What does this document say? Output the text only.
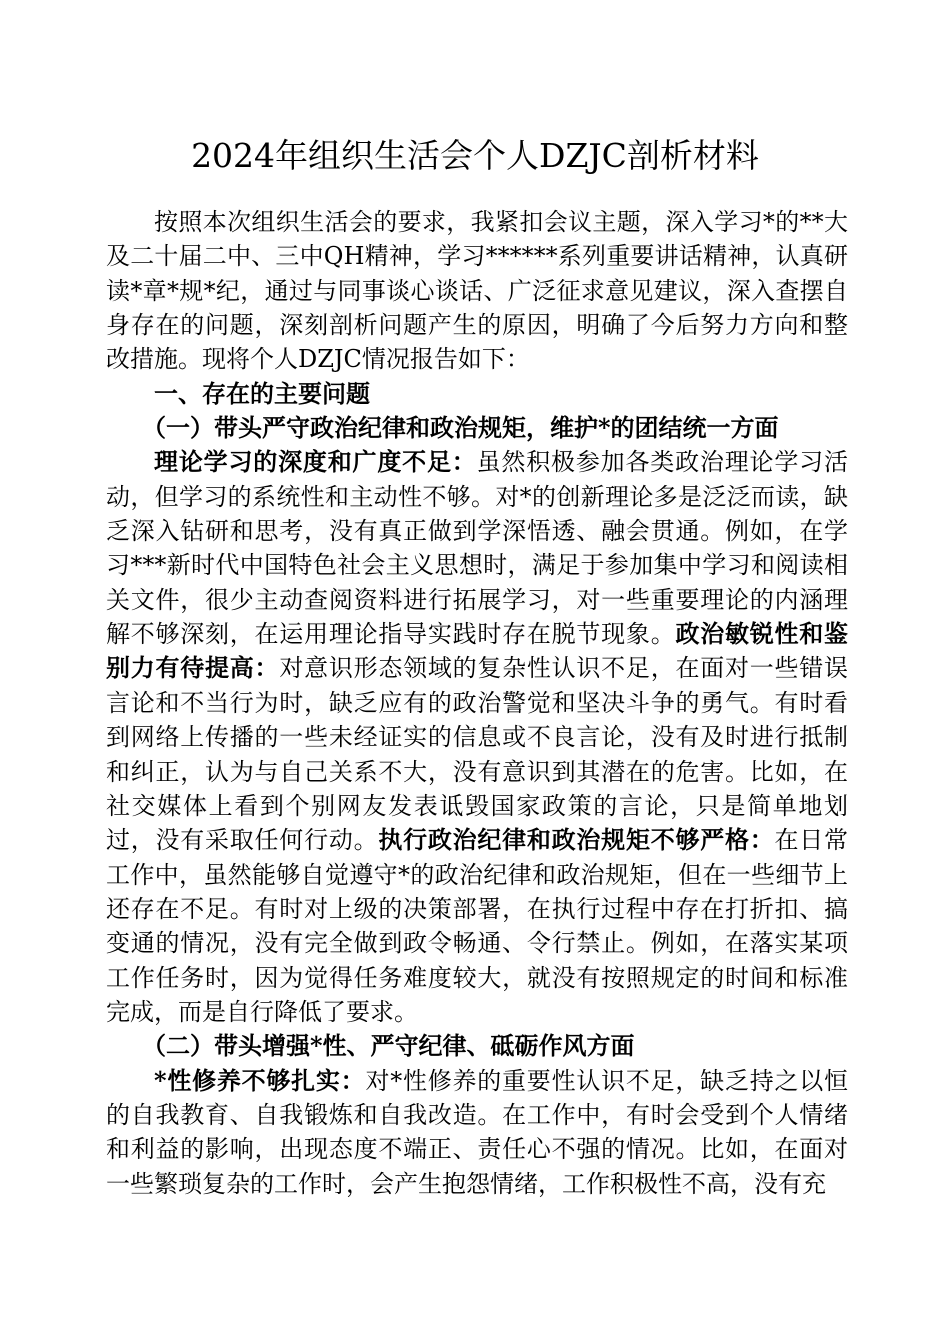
2024年组织生活会个人DZJC剖析材料

按照本次组织生活会的要求，我紧扣会议主题，深入学习*的**大及二十届二中、三中QH精神，学习******系列重要讲话精神，认真研读*章*规*纪，通过与同事谈心谈话、广泛征求意见建议，深入查摆自身存在的问题，深刻剖析问题产生的原因，明确了今后努力方向和整改措施。现将个人DZJC情况报告如下：

一、存在的主要问题

（一）带头严守政治纪律和政治规矩，维护*的团结统一方面

理论学习的深度和广度不足：虽然积极参加各类政治理论学习活动，但学习的系统性和主动性不够。对*的创新理论多是泛泛而读，缺乏深入钻研和思考，没有真正做到学深悟透、融会贯通。例如，在学习***新时代中国特色社会主义思想时，满足于参加集中学习和阅读相关文件，很少主动查阅资料进行拓展学习，对一些重要理论的内涵理解不够深刻，在运用理论指导实践时存在脱节现象。政治敏锐性和鉴别力有待提高：对意识形态领域的复杂性认识不足，在面对一些错误言论和不当行为时，缺乏应有的政治警觉和坚决斗争的勇气。有时看到网络上传播的一些未经证实的信息或不良言论，没有及时进行抵制和纠正，认为与自己关系不大，没有意识到其潜在的危害。比如，在社交媒体上看到个别网友发表诋毁国家政策的言论，只是简单地划过，没有采取任何行动。执行政治纪律和政治规矩不够严格：在日常工作中，虽然能够自觉遵守*的政治纪律和政治规矩，但在一些细节上还存在不足。有时对上级的决策部署，在执行过程中存在打折扣、搞变通的情况，没有完全做到政令畅通、令行禁止。例如，在落实某项工作任务时，因为觉得任务难度较大，就没有按照规定的时间和标准完成，而是自行降低了要求。

（二）带头增强*性、严守纪律、砥砺作风方面

*性修养不够扎实：对*性修养的重要性认识不足，缺乏持之以恒的自我教育、自我锻炼和自我改造。在工作中，有时会受到个人情绪和利益的影响，出现态度不端正、责任心不强的情况。比如，在面对一些繁琐复杂的工作时，会产生抱怨情绪，工作积极性不高，没有充
